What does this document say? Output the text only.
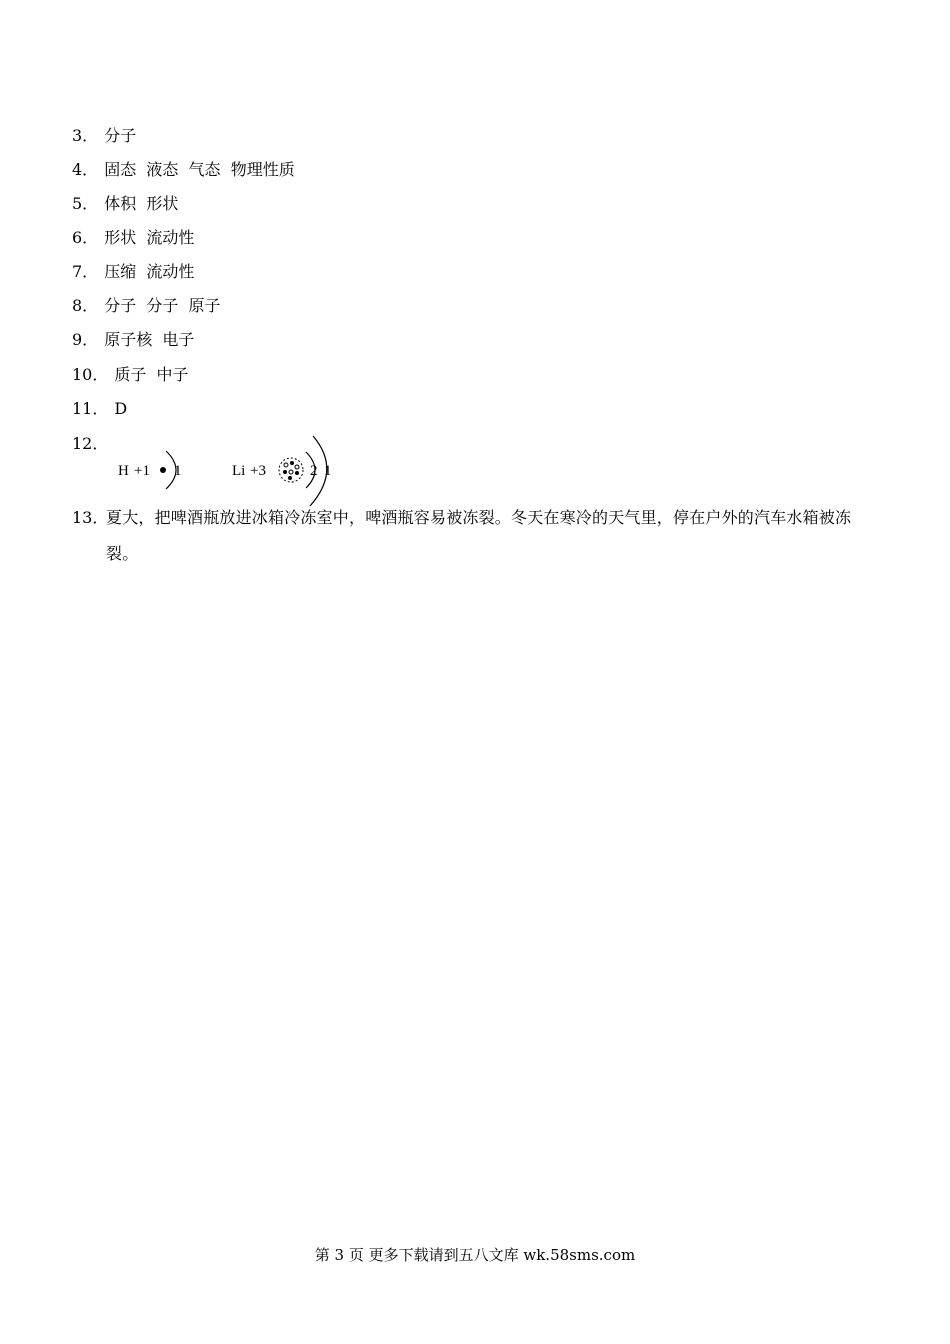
3． 分子
4． 固态  液态  气态  物理性质
5． 体积  形状
6． 形状  流动性
7． 压缩  流动性
8． 分子  分子  原子
9． 原子核  电子
10． 质子  中子
11． D
12．
H +1 1	Li +3	2 1
13．
夏大，把啤酒瓶放进冰箱冷冻室中，啤酒瓶容易被冻裂。冬天在寒冷的天气里，停在户外的汽车水箱被冻裂。
第 3 页 更多下载请到五八文库 wk.58sms.com
